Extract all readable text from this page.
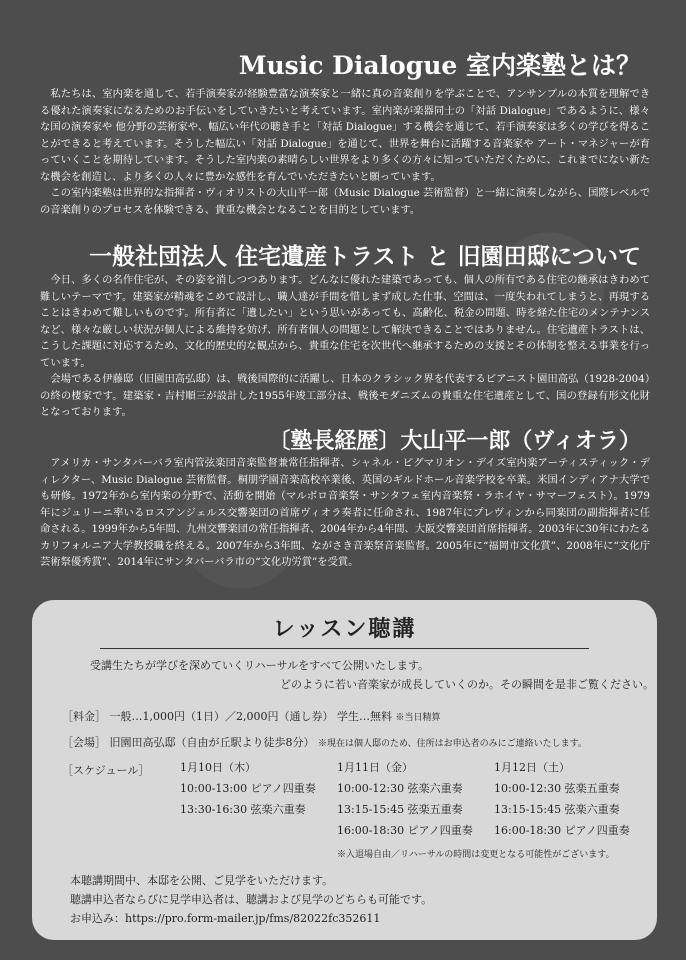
Music Dialogue 室内楽塾とは？
　私たちは、室内楽を通して、若手演奏家が経験豊富な演奏家と一緒に真の音楽創りを学ぶことで、アンサンブルの本質を理解できる優れた演奏家になるためのお手伝いをしていきたいと考えています。室内楽が楽器同士の「対話 Dialogue」であるように、様々な国の演奏家や 他分野の芸術家や、幅広い年代の聴き手と「対話 Dialogue」する機会を通じて、若手演奏家は多くの学びを得ることができると考えています。そうした幅広い「対話 Dialogue」を通じて、世界を舞台に活躍する音楽家や アート・マネジャーが育っていくことを期待しています。そうした室内楽の素晴らしい世界をより多くの方々に知っていただくために、これまでにない新たな機会を創造し、より多くの人々に豊かな感性を育んでいただきたいと願っています。
　この室内楽塾は世界的な指揮者・ヴィオリストの大山平一郎（Music Dialogue 芸術監督）と一緒に演奏しながら、国際レベルでの音楽創りのプロセスを体験できる、貴重な機会となることを目的としています。
一般社団法人 住宅遺産トラスト と 旧園田邸について
　今日、多くの名作住宅が、その姿を消しつつあります。どんなに優れた建築であっても、個人の所有である住宅の継承はきわめて難しいテーマです。建築家が精魂をこめて設計し、職人達が手間を惜しまず成した仕事、空間は、一度失われてしまうと、再現することはきわめて難しいものです。所有者に「遺したい」という思いがあっても、高齢化、税金の問題、時を経た住宅のメンテナンスなど、様々な厳しい状況が個人による維持を妨げ、所有者個人の問題として解決できることではありません。住宅遺産トラストは、こうした課題に対応するため、文化的歴史的な観点から、貴重な住宅を次世代へ継承するための支援とその体制を整える事業を行っています。
　会場である伊藤邸（旧園田高弘邸）は、戦後国際的に活躍し、日本のクラシック界を代表するピアニスト園田高弘（1928-2004）の終の棲家です。建築家・吉村順三が設計した1955年竣工部分は、戦後モダニズムの貴重な住宅遺産として、国の登録有形文化財となっております。
〔塾長経歴〕大山平一郎（ヴィオラ）
　アメリカ・サンタバーバラ室内管弦楽団音楽監督兼常任指揮者、シャネル・ピグマリオン・デイズ室内楽アーティスティック・ディレクター、Music Dialogue 芸術監督。桐朋学園音楽高校卒業後、英国のギルドホール音楽学校を卒業。米国インディアナ大学でも研修。1972年から室内楽の分野で、活動を開始（マルボロ音楽祭・サンタフェ室内音楽祭・ラホイヤ・サマーフェスト）。1979年にジュリーニ率いるロスアンジェルス交響楽団の首席ヴィオラ奏者に任命され、1987年にプレヴィンから同楽団の副指揮者に任命される。1999年から5年間、九州交響楽団の常任指揮者、2004年から4年間、大阪交響楽団首席指揮者。2003年に30年にわたるカリフォルニア大学教授職を終える。2007年から3年間、ながさき音楽祭音楽監督。2005年に“福岡市文化賞”、2008年に“文化庁芸術祭優秀賞”、2014年にサンタバーバラ市の“文化功労賞”を受賞。
レッスン聴講
受講生たちが学びを深めていくリハーサルをすべて公開いたします。
どのように若い音楽家が成長していくのか。その瞬間を是非ご覧ください。
［料金］ 一般…1,000円（1日）／2,000円（通し券） 学生…無料 ※当日精算
［会場］ 旧園田高弘邸（自由が丘駅より徒歩8分） ※現在は個人邸のため、住所はお申込者のみにご連絡いたします。
［スケジュール］	1月10日（木）
10:00-13:00 ピアノ四重奏
13:30-16:30 弦楽六重奏
1月11日（金）
10:00-12:30 弦楽六重奏
13:15-15:45 弦楽五重奏
16:00-18:30 ピアノ四重奏
1月12日（土）
10:00-12:30 弦楽五重奏
13:15-15:45 弦楽六重奏
16:00-18:30 ピアノ四重奏
※入退場自由／リハーサルの時間は変更となる可能性がございます。
本聴講期間中、本邸を公開、ご見学をいただけます。
聴講申込者ならびに見学申込者は、聴講および見学のどちらも可能です。
お申込み：https://pro.form-mailer.jp/fms/82022fc352611
